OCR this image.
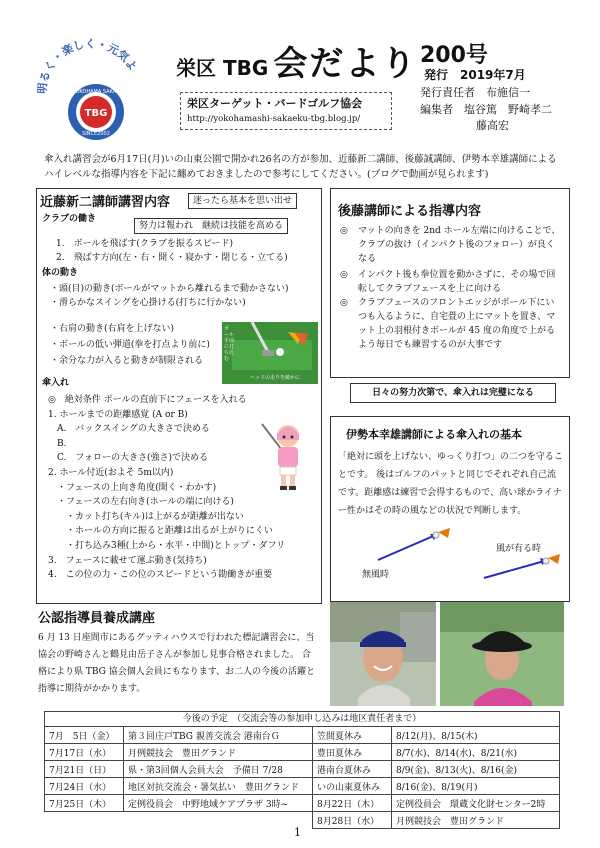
明るく・楽しく・元気よ
YOKOHAMA SAKAE
TBG
SINCE2002
栄区 TBG 会だより 200号
発行　2019年7月
栄区ターゲット・バードゴルフ協会
http://yokohamashi-sakaeku-tbg.blog.jp/
発行責任者　布施信一
編集者　塩谷篤　野崎孝二
藤高宏
傘入れ講習会が6月17日(月)いの山東公園で開かれ26名の方が参加、近藤新二講師、後藤誠講師、伊勢本幸雄講師によるハイレベルな指導内容を下記に纏めておきましたので参考にしてください。(ブログで動画が見られます)
近藤新二講師講習内容	迷ったら基本を思い出せ
クラブの働き
努力は報われ　継続は技能を高める
1.　ボールを飛ばす(クラブを振るスピード)
2.　飛ばす方向(左・右・開く・寝かす・閉じる・立てる)
体の動き
・頭(目)の動き(ボールがマットから離れるまで動かさない)
・滑らかなスイングを心掛ける(打ちに行かない)
・右肩の動き(右肩を上げない)
・ボールの低い弾道(拳を打点より前に)
・余分な力が入ると動きが制限される
ボール手前に打ち込む
ヘッドの走りを確かに
傘入れ
◎　絶対条件 ボールの直前下にフェースを入れる
1. ホールまでの距離感覚 (A or B)
　A.　バックスイングの大きさで決める
　B.
　C.　フォローの大きさ(強さ)で決める
2. ホール付近(およそ 5m以内)
　・フェースの上向き角度(開く・わかす)
　・フェースの左右向き(ホールの端に向ける)
　　・カット打ち(キル)は上がるが距離が出ない
　　・ホールの方向に振ると距離は出るが上がりにくい
　　・打ち込み3種(上から・水平・中間)とトップ・ダフリ
3.　フェースに載せて運ぶ動き(気持ち)
4.　この位の力・この位のスピードという勘働きが重要
後藤講師による指導内容
◎	マットの向きを 2nd ホール左端に向けることで、クラブの抜け（インパクト後のフォロー）が良くなる
◎	インパクト後も拳位置を動かさずに、その場で回転してクラブフェースを上に向ける
◎	クラブフェースのフロントエッジがボール下にいつも入るように、自宅畳の上にマットを置き、マット上の羽根付きボールが 45 度の角度で上がるよう毎日でも練習するのが大事です
日々の努力次第で、傘入れは完璧になる
伊勢本幸雄講師による傘入れの基本
「絶対に頭を上げない、ゆっくり打つ」の二つを守ることです。 後はゴルフのパットと同じでそれぞれ自己流です。距離感は練習で会得するもので、高い球かライナー性かはその時の風などの状況で判断します。
無風時
風が有る時
公認指導員養成講座
6 月 13 日座間市にあるグッティハウスで行われた標記講習会に、当協会の野崎さんと鶴見由岳子さんが参加し見事合格されました。 合格により県 TBG 協会個人会員にもなります、お二人の今後の活躍と指導に期待がかかります。
今後の予定　（交流会等の参加申し込みは地区責任者まで）
7月　5日（金）	第３回庄戸TBG 親善交流会 港南台Ｇ	笠間夏休み	8/12(月)、8/15(木)
7月17日（水）	月例競技会　豊田グランド	豊田夏休み	8/7(水)、8/14(水)、8/21(水)
7月21日（日）	県・第3回個人会員大会　予備日 7/28	港南台夏休み	8/9(金)、8/13(火)、8/16(金)
7月24日（水）	地区対抗交流会・暑気払い　豊田グランド	いの山東夏休み	8/16(金)、8/19(月)
7月25日（木）	定例役員会　中野地域ケアプラザ 3時~	8月22日（木）	定例役員会　環蔵文化財センター2時
		8月28日（水）	月例競技会　豊田グランド
1
